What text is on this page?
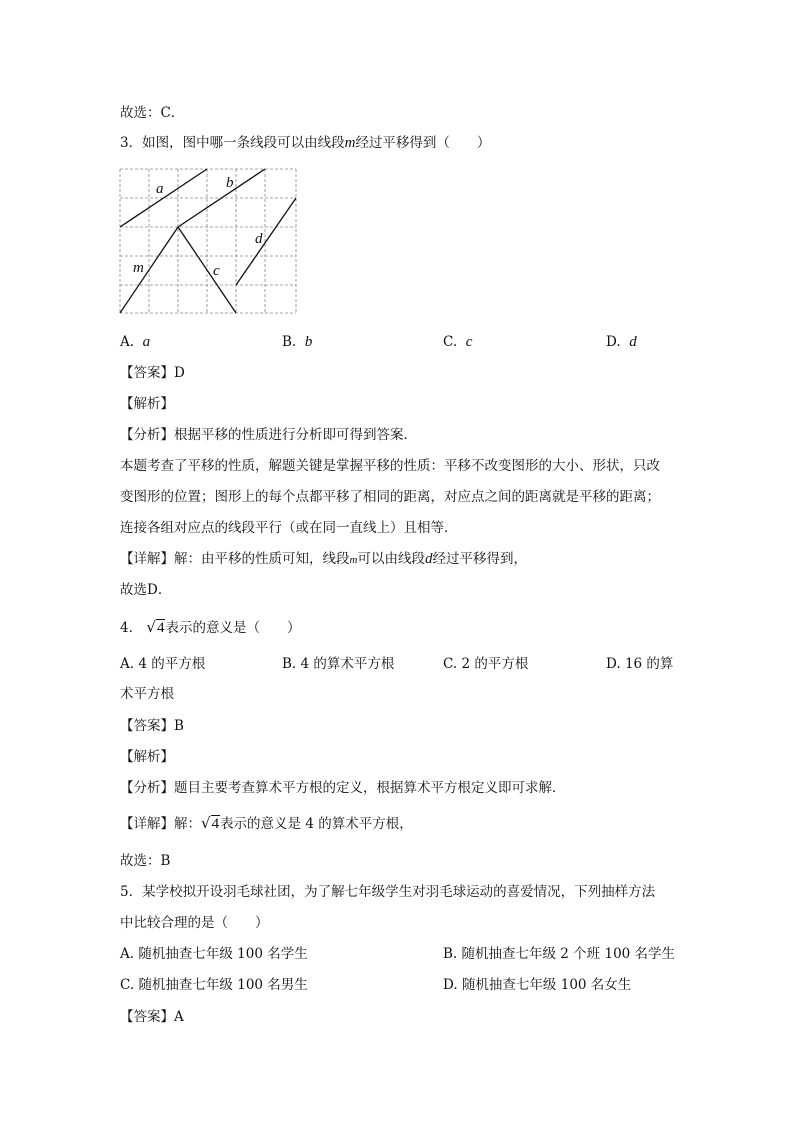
故选：C．
3．如图，图中哪一条线段可以由线段m经过平移得到（　　）
a	b
c
d
m
A. a	B. b	C. c	D. d
【答案】D
【解析】
【分析】根据平移的性质进行分析即可得到答案．
本题考查了平移的性质，解题关键是掌握平移的性质：平移不改变图形的大小、形状，只改
变图形的位置；图形上的每个点都平移了相同的距离，对应点之间的距离就是平移的距离；
连接各组对应点的线段平行（或在同一直线上）且相等．
【详解】解：由平移的性质可知，线段m可以由线段d经过平移得到，
故选D．
4． √4表示的意义是（　　）
A. 4 的平方根	B. 4 的算术平方根	C. 2 的平方根	D. 16 的算
术平方根
【答案】B
【解析】
【分析】题目主要考查算术平方根的定义，根据算术平方根定义即可求解．
【详解】解：√4表示的意义是 4 的算术平方根，
故选：B
5．某学校拟开设羽毛球社团，为了解七年级学生对羽毛球运动的喜爱情况，下列抽样方法
中比较合理的是（　　）
A. 随机抽查七年级 100 名学生	B. 随机抽查七年级 2 个班 100 名学生
C. 随机抽查七年级 100 名男生	D. 随机抽查七年级 100 名女生
【答案】A
